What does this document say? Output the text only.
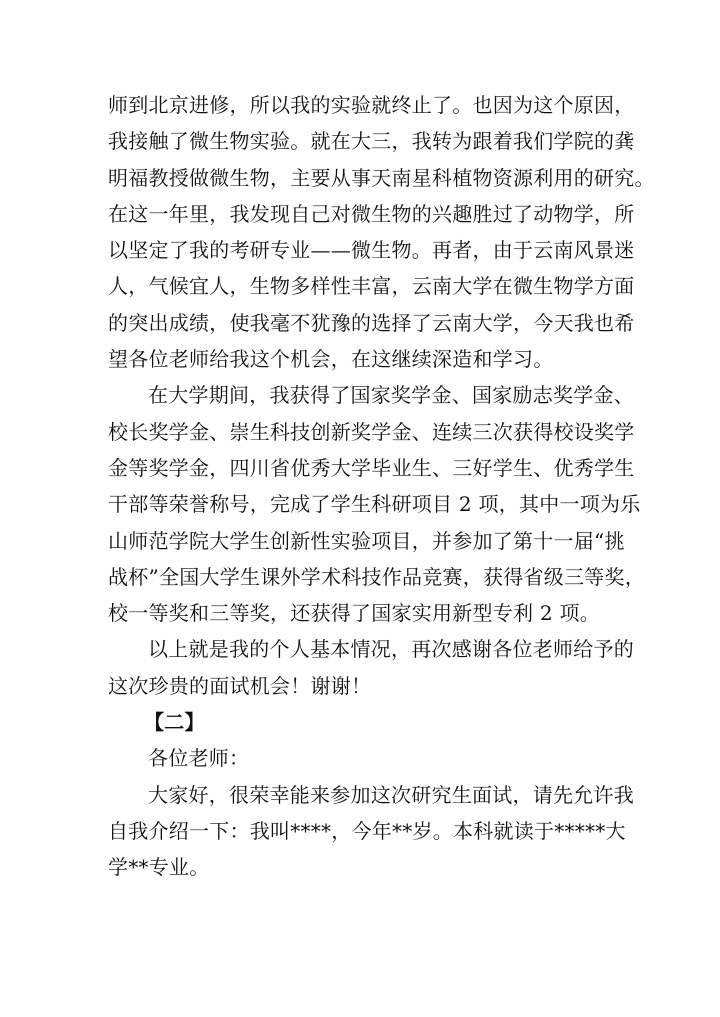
师到北京进修，所以我的实验就终止了。也因为这个原因，
我接触了微生物实验。就在大三，我转为跟着我们学院的龚
明福教授做微生物，主要从事天南星科植物资源利用的研究。
在这一年里，我发现自己对微生物的兴趣胜过了动物学，所
以坚定了我的考研专业——微生物。再者，由于云南风景迷
人，气候宜人，生物多样性丰富，云南大学在微生物学方面
的突出成绩，使我毫不犹豫的选择了云南大学，今天我也希
望各位老师给我这个机会，在这继续深造和学习。
在大学期间，我获得了国家奖学金、国家励志奖学金、
校长奖学金、崇生科技创新奖学金、连续三次获得校设奖学
金等奖学金，四川省优秀大学毕业生、三好学生、优秀学生
干部等荣誉称号，完成了学生科研项目 2 项，其中一项为乐
山师范学院大学生创新性实验项目，并参加了第十一届“挑
战杯”全国大学生课外学术科技作品竞赛，获得省级三等奖，
校一等奖和三等奖，还获得了国家实用新型专利 2 项。
以上就是我的个人基本情况，再次感谢各位老师给予的
这次珍贵的面试机会！谢谢！
【二】
各位老师：
大家好，很荣幸能来参加这次研究生面试，请先允许我
自我介绍一下：我叫****，今年**岁。本科就读于*****大
学**专业。
